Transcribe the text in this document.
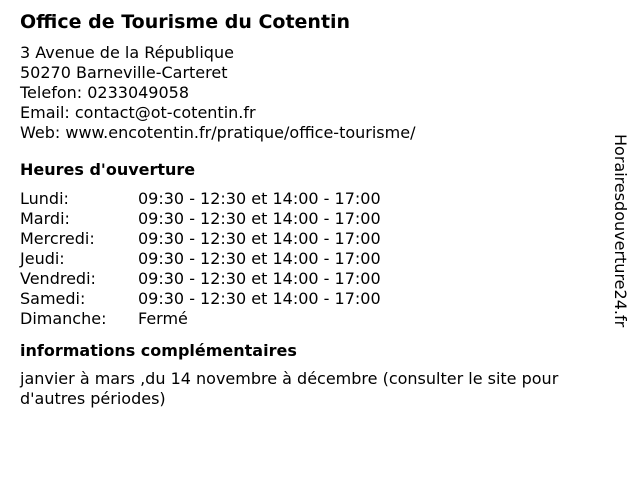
Office de Tourisme du Cotentin
3 Avenue de la République
50270 Barneville-Carteret
Telefon: 0233049058
Email: contact@ot-cotentin.fr
Web: www.encotentin.fr/pratique/office-tourisme/
Heures d'ouverture
Lundi:	09:30 - 12:30 et 14:00 - 17:00
Mardi:	09:30 - 12:30 et 14:00 - 17:00
Mercredi:	09:30 - 12:30 et 14:00 - 17:00
Jeudi:	09:30 - 12:30 et 14:00 - 17:00
Vendredi:	09:30 - 12:30 et 14:00 - 17:00
Samedi:	09:30 - 12:30 et 14:00 - 17:00
Dimanche:	Fermé
informations complémentaires
janvier à mars ,du 14 novembre à décembre (consulter le site pour d'autres périodes)
Horairesdouverture24.fr
